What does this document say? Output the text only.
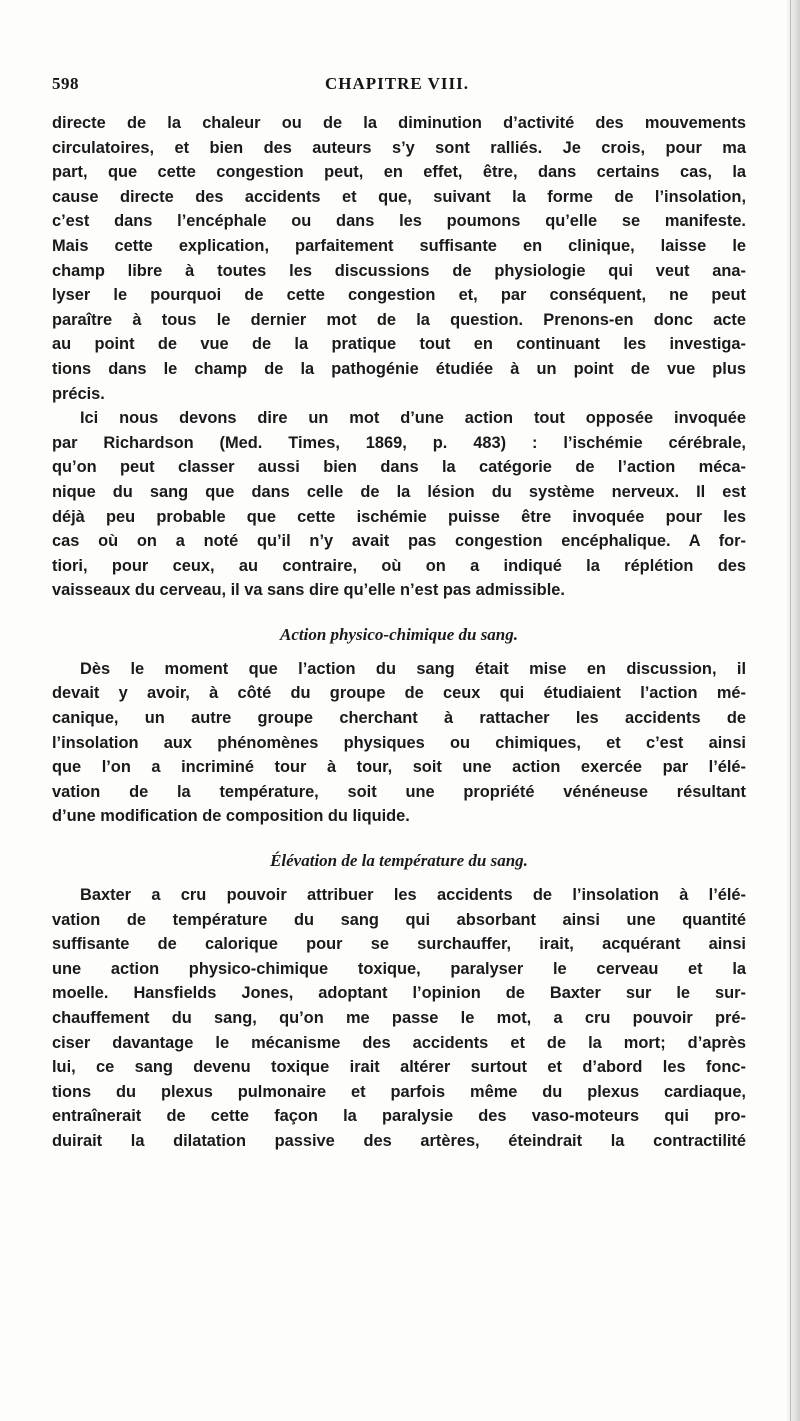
598	CHAPITRE VIII.
directe de la chaleur ou de la diminution d’activité des mouvements
circulatoires, et bien des auteurs s’y sont ralliés. Je crois, pour ma
part, que cette congestion peut, en effet, être, dans certains cas, la
cause directe des accidents et que, suivant la forme de l’insolation,
c’est dans l’encéphale ou dans les poumons qu’elle se manifeste.
Mais cette explication, parfaitement suffisante en clinique, laisse le
champ libre à toutes les discussions de physiologie qui veut ana-
lyser le pourquoi de cette congestion et, par conséquent, ne peut
paraître à tous le dernier mot de la question. Prenons-en donc acte
au point de vue de la pratique tout en continuant les investiga-
tions dans le champ de la pathogénie étudiée à un point de vue plus
précis.
Ici nous devons dire un mot d’une action tout opposée invoquée
par Richardson (Med. Times, 1869, p. 483) : l’ischémie cérébrale,
qu’on peut classer aussi bien dans la catégorie de l’action méca-
nique du sang que dans celle de la lésion du système nerveux. Il est
déjà peu probable que cette ischémie puisse être invoquée pour les
cas où on a noté qu’il n’y avait pas congestion encéphalique. A for-
tiori, pour ceux, au contraire, où on a indiqué la réplétion des
vaisseaux du cerveau, il va sans dire qu’elle n’est pas admissible.
Action physico-chimique du sang.
Dès le moment que l’action du sang était mise en discussion, il
devait y avoir, à côté du groupe de ceux qui étudiaient l’action mé-
canique, un autre groupe cherchant à rattacher les accidents de
l’insolation aux phénomènes physiques ou chimiques, et c’est ainsi
que l’on a incriminé tour à tour, soit une action exercée par l’élé-
vation de la température, soit une propriété vénéneuse résultant
d’une modification de composition du liquide.
Élévation de la température du sang.
Baxter a cru pouvoir attribuer les accidents de l’insolation à l’élé-
vation de température du sang qui absorbant ainsi une quantité
suffisante de calorique pour se surchauffer, irait, acquérant ainsi
une action physico-chimique toxique, paralyser le cerveau et la
moelle. Hansfields Jones, adoptant l’opinion de Baxter sur le sur-
chauffement du sang, qu’on me passe le mot, a cru pouvoir pré-
ciser davantage le mécanisme des accidents et de la mort; d’après
lui, ce sang devenu toxique irait altérer surtout et d’abord les fonc-
tions du plexus pulmonaire et parfois même du plexus cardiaque,
entraînerait de cette façon la paralysie des vaso-moteurs qui pro-
duirait la dilatation passive des artères, éteindrait la contractilité
